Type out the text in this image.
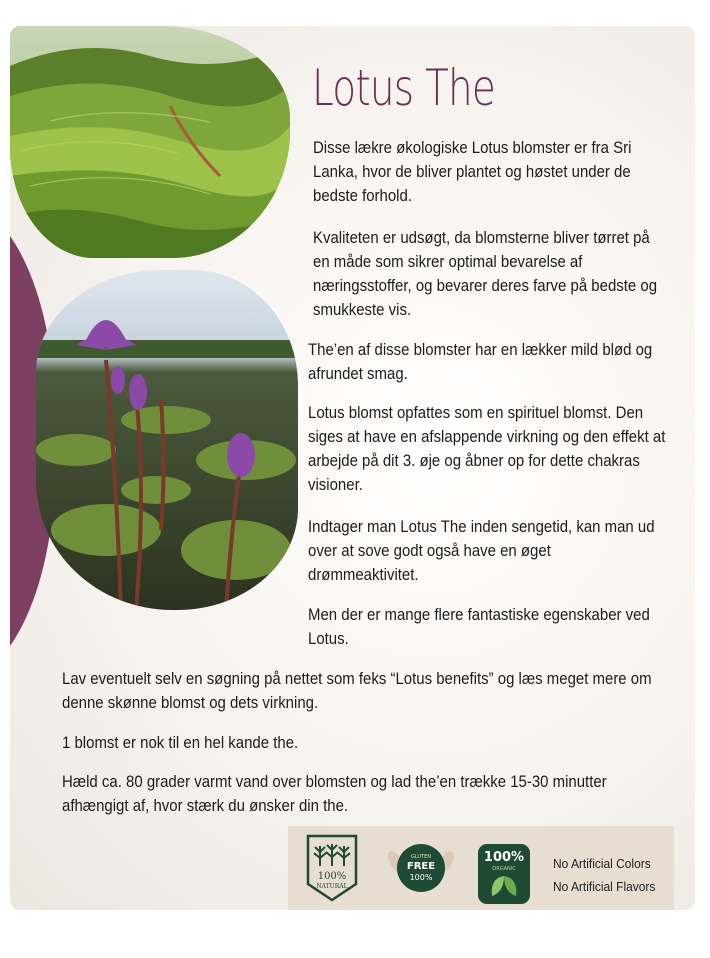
Lotus The

Disse lækre økologiske Lotus blomster er fra Sri Lanka, hvor de bliver plantet og høstet under de bedste forhold.

Kvaliteten er udsøgt, da blomsterne bliver tørret på en måde som sikrer optimal bevarelse af næringsstoffer, og bevarer deres farve på bedste og smukkeste vis.

The’en af disse blomster har en lækker mild blød og afrundet smag.

Lotus blomst opfattes som en spirituel blomst. Den siges at have en afslappende virkning og den effekt at arbejde på dit 3. øje og åbner op for dette chakras visioner.

Indtager man Lotus The inden sengetid, kan man ud over at sove godt også have en øget drømmeaktivitet.

Men der er mange flere fantastiske egenskaber ved Lotus.

Lav eventuelt selv en søgning på nettet som feks “Lotus benefits” og læs meget mere om denne skønne blomst og dets virkning.

1 blomst er nok til en hel kande the.

Hæld ca. 80 grader varmt vand over blomsten og lad the’en trække 15-30 minutter afhængigt af, hvor stærk du ønsker din the.

100%
NATURAL
GLUTEN
FREE
100%
100%
ORGANIC	No Artificial Colors
No Artificial Flavors
